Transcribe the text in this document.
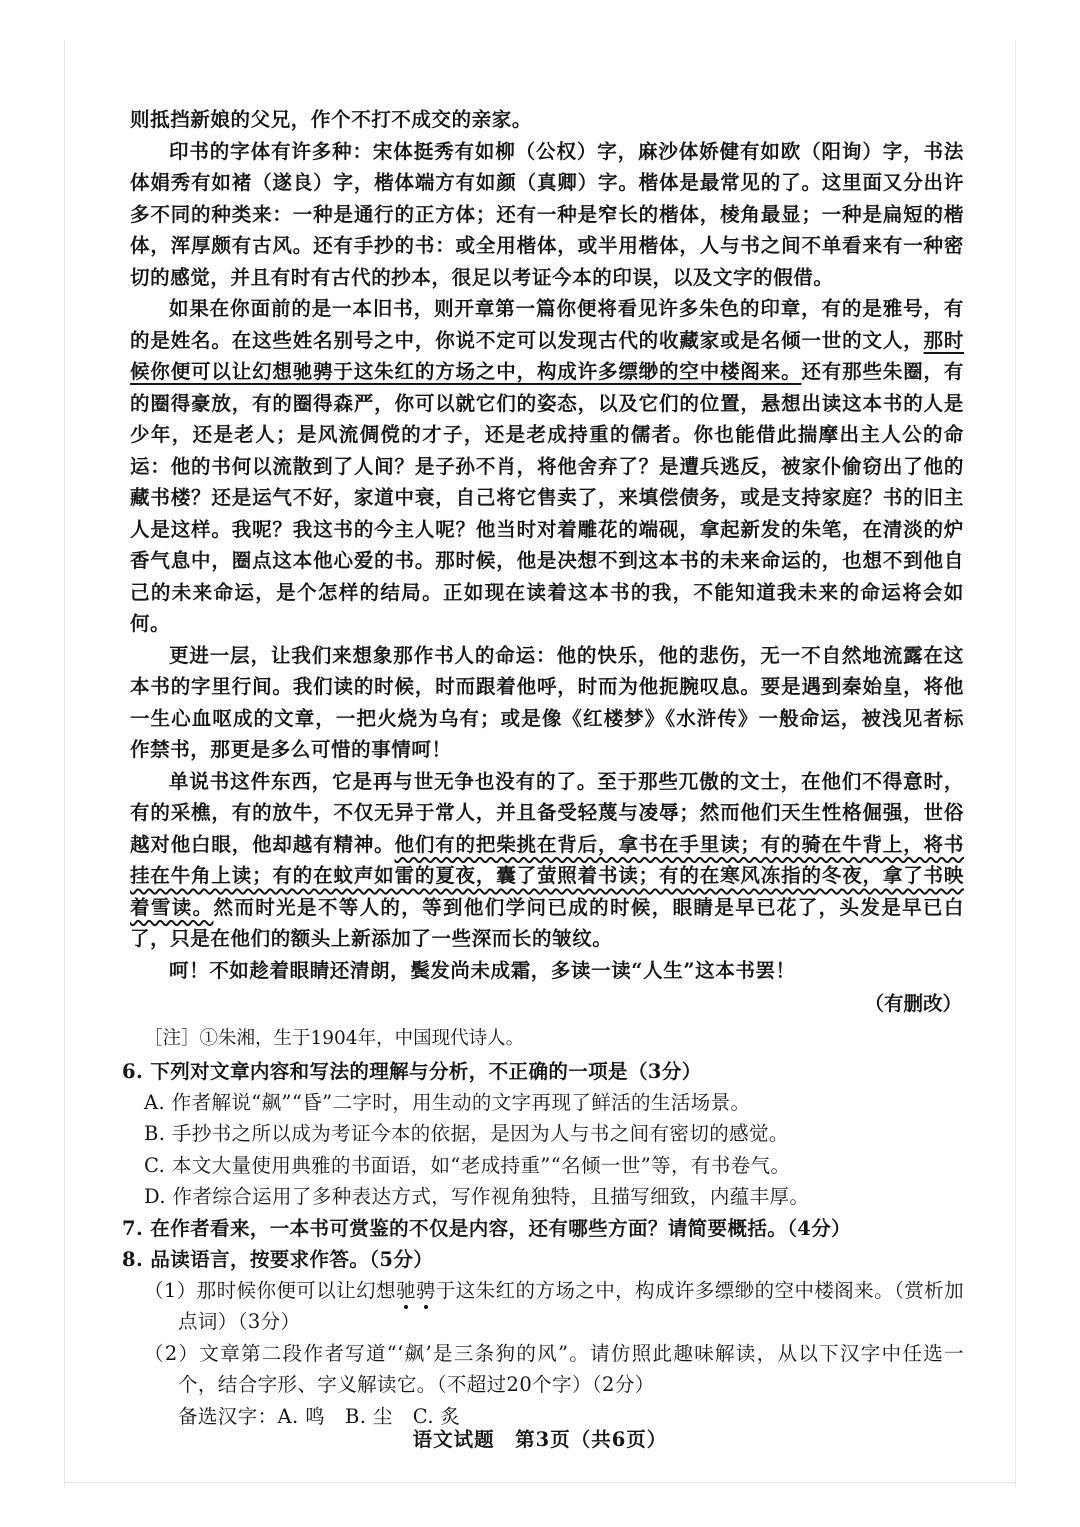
则抵挡新娘的父兄，作个不打不成交的亲家。

印书的字体有许多种：宋体挺秀有如柳（公权）字，麻沙体娇健有如欧（阳询）字，书法体娟秀有如褚（遂良）字，楷体端方有如颜（真卿）字。楷体是最常见的了。这里面又分出许多不同的种类来：一种是通行的正方体；还有一种是窄长的楷体，棱角最显；一种是扁短的楷体，浑厚颇有古风。还有手抄的书：或全用楷体，或半用楷体，人与书之间不单看来有一种密切的感觉，并且有时有古代的抄本，很足以考证今本的印误，以及文字的假借。

如果在你面前的是一本旧书，则开章第一篇你便将看见许多朱色的印章，有的是雅号，有的是姓名。在这些姓名别号之中，你说不定可以发现古代的收藏家或是名倾一世的文人，那时候你便可以让幻想驰骋于这朱红的方场之中，构成许多缥缈的空中楼阁来。还有那些朱圈，有的圈得豪放，有的圈得森严，你可以就它们的姿态，以及它们的位置，悬想出读这本书的人是少年，还是老人；是风流倜傥的才子，还是老成持重的儒者。你也能借此揣摩出主人公的命运：他的书何以流散到了人间？是子孙不肖，将他舍弃了？是遭兵逃反，被家仆偷窃出了他的藏书楼？还是运气不好，家道中衰，自己将它售卖了，来填偿债务，或是支持家庭？书的旧主人是这样。我呢？我这书的今主人呢？他当时对着雕花的端砚，拿起新发的朱笔，在清淡的炉香气息中，圈点这本他心爱的书。那时候，他是决想不到这本书的未来命运的，也想不到他自己的未来命运，是个怎样的结局。正如现在读着这本书的我，不能知道我未来的命运将会如何。

更进一层，让我们来想象那作书人的命运：他的快乐，他的悲伤，无一不自然地流露在这本书的字里行间。我们读的时候，时而跟着他呼，时而为他扼腕叹息。要是遇到秦始皇，将他一生心血呕成的文章，一把火烧为乌有；或是像《红楼梦》《水浒传》一般命运，被浅见者标作禁书，那更是多么可惜的事情呵！

单说书这件东西，它是再与世无争也没有的了。至于那些兀傲的文士，在他们不得意时，有的采樵，有的放牛，不仅无异于常人，并且备受轻蔑与凌辱；然而他们天生性格倔强，世俗越对他白眼，他却越有精神。他们有的把柴挑在背后，拿书在手里读；有的骑在牛背上，将书挂在牛角上读；有的在蚊声如雷的夏夜，囊了萤照着书读；有的在寒风冻指的冬夜，拿了书映着雪读。然而时光是不等人的，等到他们学问已成的时候，眼睛是早已花了，头发是早已白了，只是在他们的额头上新添加了一些深而长的皱纹。

呵！不如趁着眼睛还清朗，鬓发尚未成霜，多读一读“人生”这本书罢！

（有删改）
［注］①朱湘，生于1904年，中国现代诗人。

6. 下列对文章内容和写法的理解与分析，不正确的一项是（3分）

A. 作者解说“飙”“昏”二字时，用生动的文字再现了鲜活的生活场景。

B. 手抄书之所以成为考证今本的依据，是因为人与书之间有密切的感觉。

C. 本文大量使用典雅的书面语，如“老成持重”“名倾一世”等，有书卷气。

D. 作者综合运用了多种表达方式，写作视角独特，且描写细致，内蕴丰厚。

7. 在作者看来，一本书可赏鉴的不仅是内容，还有哪些方面？请简要概括。（4分）

8. 品读语言，按要求作答。（5分）

（1）那时候你便可以让幻想驰骋于这朱红的方场之中，构成许多缥缈的空中楼阁来。（赏析加点词）（3分）

（2）文章第二段作者写道“‘飙’是三条狗的风”。请仿照此趣味解读，从以下汉字中任选一个，结合字形、字义解读它。（不超过20个字）（2分）

备选汉字：A. 鸣　B. 尘　C. 炙

语文试题　第3页（共6页）
